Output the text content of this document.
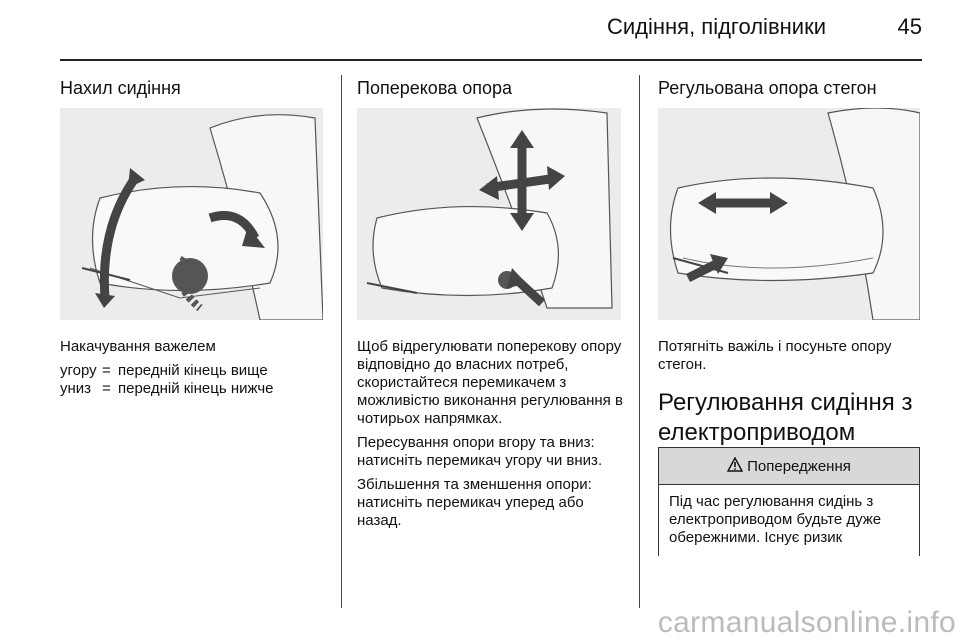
Сидіння, підголівники	45
Нахил сидіння

Накачування важелем

угору = передній кінець вище
униз = передній кінець нижче
Поперекова опора

Щоб відрегулювати поперекову опору відповідно до власних потреб, скористайтеся перемикачем з можливістю виконання регулювання в чотирьох напрямках.

Пересування опори вгору та вниз: натисніть перемикач угору чи вниз.

Збільшення та зменшення опори: натисніть перемикач уперед або назад.

Регульована опора стегон

Потягніть важіль і посуньте опору стегон.

Регулювання сидіння з електроприводом
Попередження
Під час регулювання сидінь з електроприводом будьте дуже обережними. Існує ризик
carmanualsonline.info
